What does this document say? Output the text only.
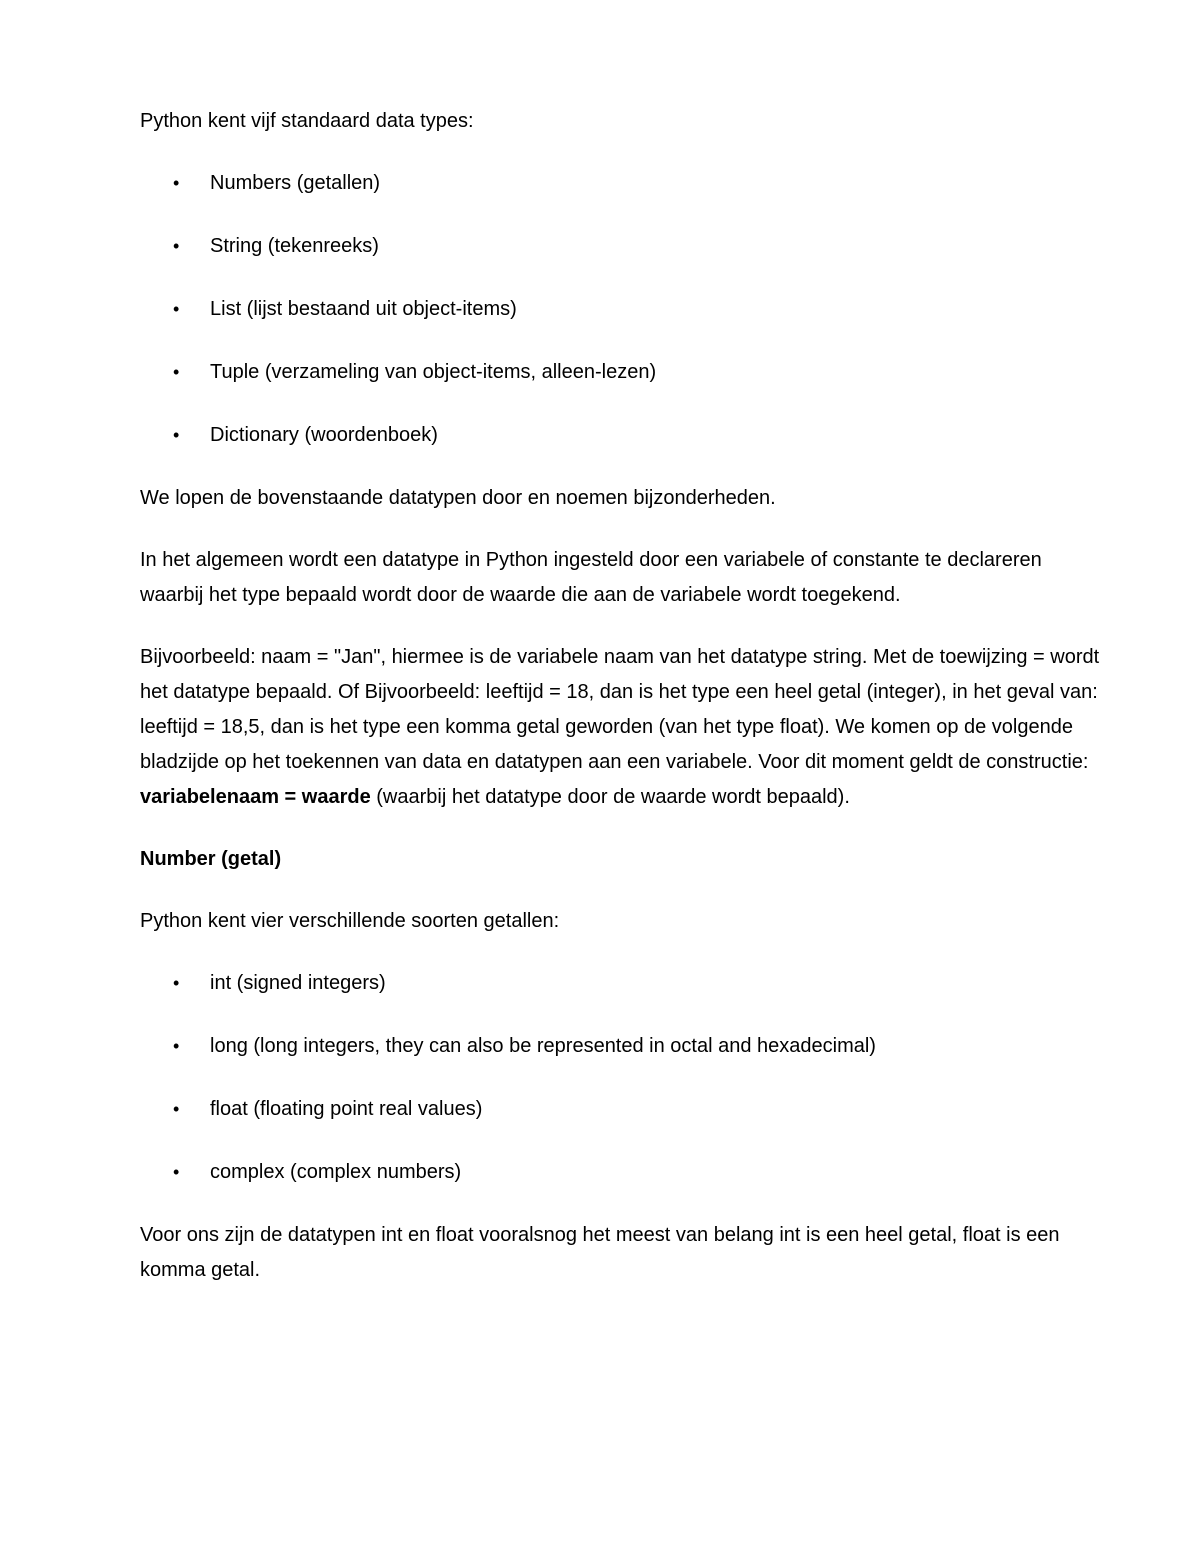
Python kent vijf standaard data types:

• Numbers (getallen)
• String (tekenreeks)
• List (lijst bestaand uit object-items)
• Tuple (verzameling van object-items, alleen-lezen)
• Dictionary (woordenboek)

We lopen de bovenstaande datatypen door en noemen bijzonderheden.

In het algemeen wordt een datatype in Python ingesteld door een variabele of constante te declareren waarbij het type bepaald wordt door de waarde die aan de variabele wordt toegekend.

Bijvoorbeeld: naam = "Jan", hiermee is de variabele naam van het datatype string. Met de toewijzing = wordt het datatype bepaald. Of Bijvoorbeeld: leeftijd = 18, dan is het type een heel getal (integer), in het geval van: leeftijd = 18,5, dan is het type een komma getal geworden (van het type float). We komen op de volgende bladzijde op het toekennen van data en datatypen aan een variabele. Voor dit moment geldt de constructie: variabelenaam = waarde (waarbij het datatype door de waarde wordt bepaald).

Number (getal)

Python kent vier verschillende soorten getallen:

• int (signed integers)
• long (long integers, they can also be represented in octal and hexadecimal)
• float (floating point real values)
• complex (complex numbers)

Voor ons zijn de datatypen int en float vooralsnog het meest van belang int is een heel getal, float is een komma getal.
